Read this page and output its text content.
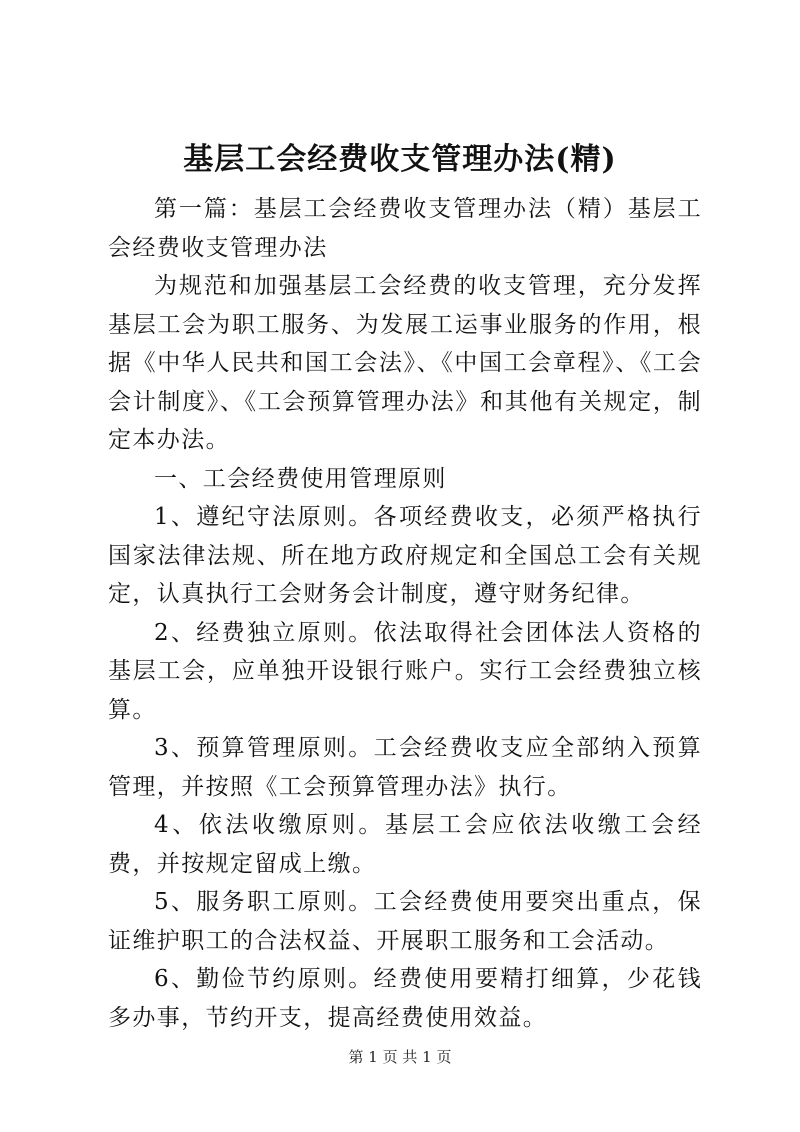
基层工会经费收支管理办法(精)

第一篇：基层工会经费收支管理办法（精）基层工会经费收支管理办法

为规范和加强基层工会经费的收支管理，充分发挥基层工会为职工服务、为发展工运事业服务的作用，根据《中华人民共和国工会法》、《中国工会章程》、《工会会计制度》、《工会预算管理办法》和其他有关规定，制定本办法。

一、工会经费使用管理原则

1、遵纪守法原则。各项经费收支，必须严格执行国家法律法规、所在地方政府规定和全国总工会有关规定，认真执行工会财务会计制度，遵守财务纪律。

2、经费独立原则。依法取得社会团体法人资格的基层工会，应单独开设银行账户。实行工会经费独立核算。

3、预算管理原则。工会经费收支应全部纳入预算管理，并按照《工会预算管理办法》执行。

4、依法收缴原则。基层工会应依法收缴工会经费，并按规定留成上缴。

5、服务职工原则。工会经费使用要突出重点，保证维护职工的合法权益、开展职工服务和工会活动。

6、勤俭节约原则。经费使用要精打细算，少花钱多办事，节约开支，提高经费使用效益。

第 1 页 共 1 页
